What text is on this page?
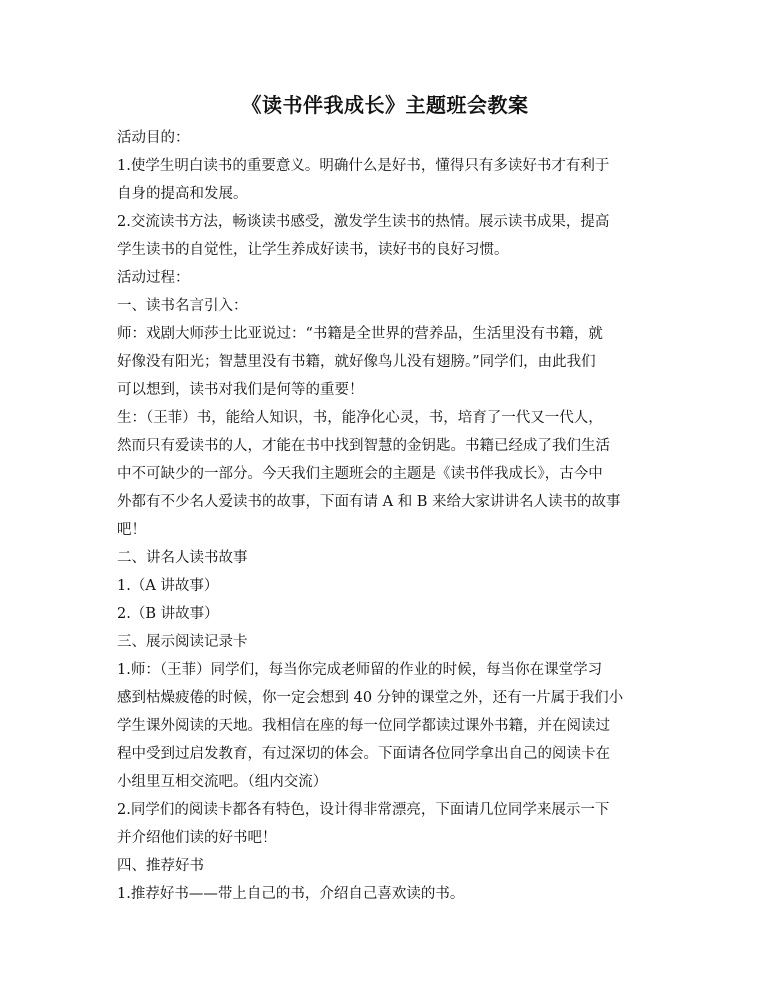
《读书伴我成长》主题班会教案
活动目的：
1.使学生明白读书的重要意义。明确什么是好书，懂得只有多读好书才有利于
自身的提高和发展。
2.交流读书方法，畅谈读书感受，激发学生读书的热情。展示读书成果，提高
学生读书的自觉性，让学生养成好读书，读好书的良好习惯。
活动过程：
一、读书名言引入：
师：戏剧大师莎士比亚说过：“书籍是全世界的营养品，生活里没有书籍，就
好像没有阳光；智慧里没有书籍，就好像鸟儿没有翅膀。”同学们，由此我们
可以想到，读书对我们是何等的重要！
生：（王菲）书，能给人知识，书，能净化心灵，书，培育了一代又一代人，
然而只有爱读书的人，才能在书中找到智慧的金钥匙。书籍已经成了我们生活
中不可缺少的一部分。今天我们主题班会的主题是《读书伴我成长》，古今中
外都有不少名人爱读书的故事，下面有请 A 和 B 来给大家讲讲名人读书的故事
吧！
二、讲名人读书故事
1.（A 讲故事）
2.（B 讲故事）
三、展示阅读记录卡
1.师：（王菲）同学们，每当你完成老师留的作业的时候，每当你在课堂学习
感到枯燥疲倦的时候，你一定会想到 40 分钟的课堂之外，还有一片属于我们小
学生课外阅读的天地。我相信在座的每一位同学都读过课外书籍，并在阅读过
程中受到过启发教育，有过深切的体会。下面请各位同学拿出自己的阅读卡在
小组里互相交流吧。（组内交流）
2.同学们的阅读卡都各有特色，设计得非常漂亮，下面请几位同学来展示一下
并介绍他们读的好书吧！
四、推荐好书
1.推荐好书——带上自己的书，介绍自己喜欢读的书。
